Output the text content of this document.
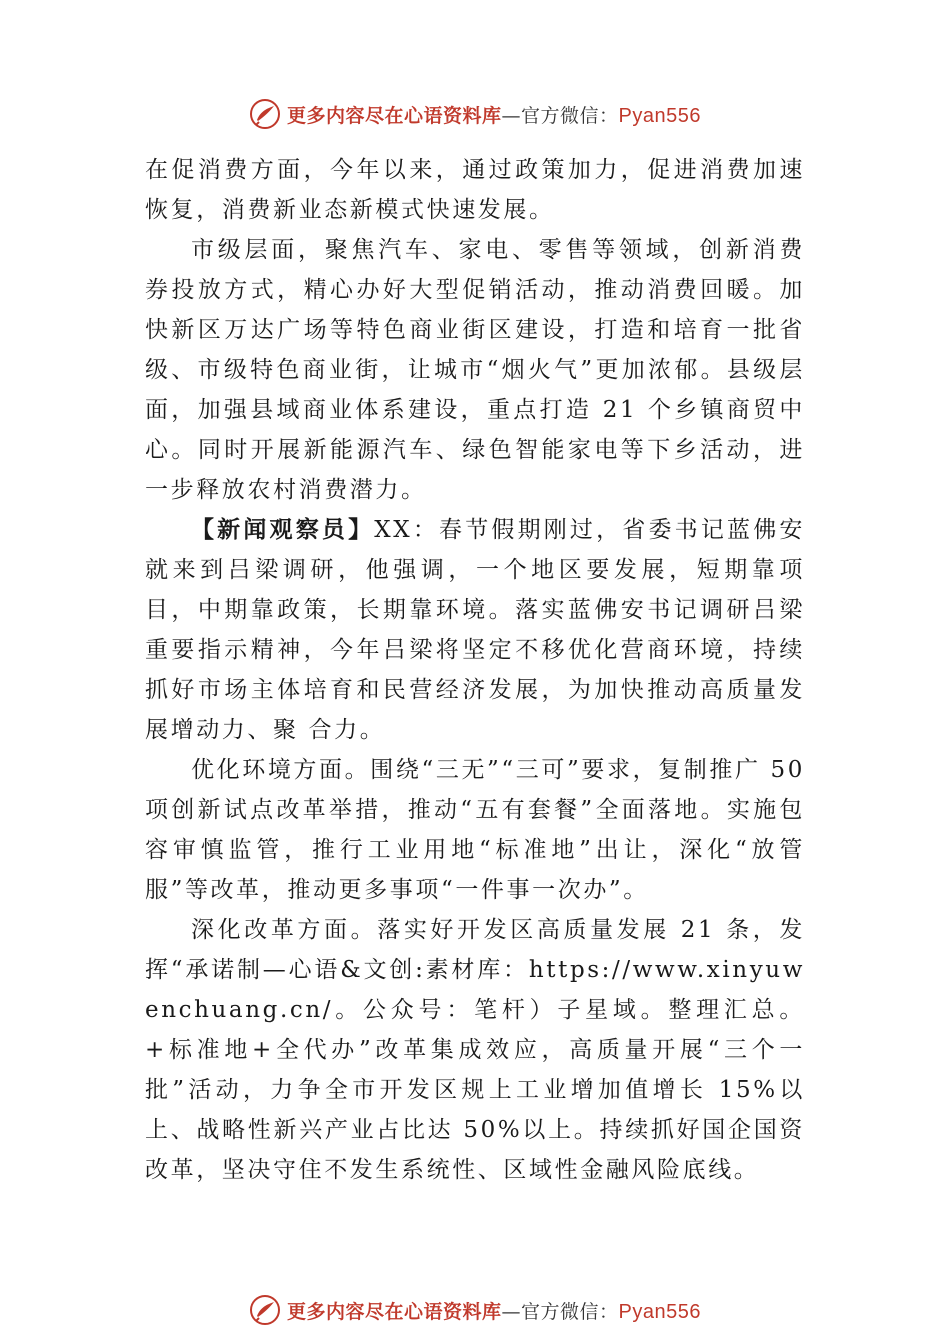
更多内容尽在心语资料库—官方微信：Pyan556

在促消费方面，今年以来，通过政策加力，促进消费加速恢复，消费新业态新模式快速发展。

市级层面，聚焦汽车、家电、零售等领域，创新消费券投放方式，精心办好大型促销活动，推动消费回暖。加快新区万达广场等特色商业街区建设，打造和培育一批省级、市级特色商业街，让城市“烟火气”更加浓郁。县级层面，加强县域商业体系建设，重点打造 21 个乡镇商贸中心。同时开展新能源汽车、绿色智能家电等下乡活动，进一步释放农村消费潜力。

【新闻观察员】XX：春节假期刚过，省委书记蓝佛安就来到吕梁调研，他强调，一个地区要发展，短期靠项目，中期靠政策，长期靠环境。落实蓝佛安书记调研吕梁重要指示精神，今年吕梁将坚定不移优化营商环境，持续抓好市场主体培育和民营经济发展，为加快推动高质量发展增动力、聚 合力。

优化环境方面。围绕“三无”“三可”要求，复制推广 50 项创新试点改革举措，推动“五有套餐”全面落地。实施包容审慎监管，推行工业用地“标准地”出让，深化“放管服”等改革，推动更多事项“一件事一次办”。

深化改革方面。落实好开发区高质量发展 21 条，发挥“承诺制—心语&文创:素材库：https://www.xinyuwenchuang.cn/。公众号：笔杆）子星域。整理汇总。+标准地+全代办”改革集成效应，高质量开展“三个一批”活动，力争全市开发区规上工业增加值增长 15%以上、战略性新兴产业占比达 50%以上。持续抓好国企国资改革，坚决守住不发生系统性、区域性金融风险底线。

更多内容尽在心语资料库—官方微信：Pyan556
